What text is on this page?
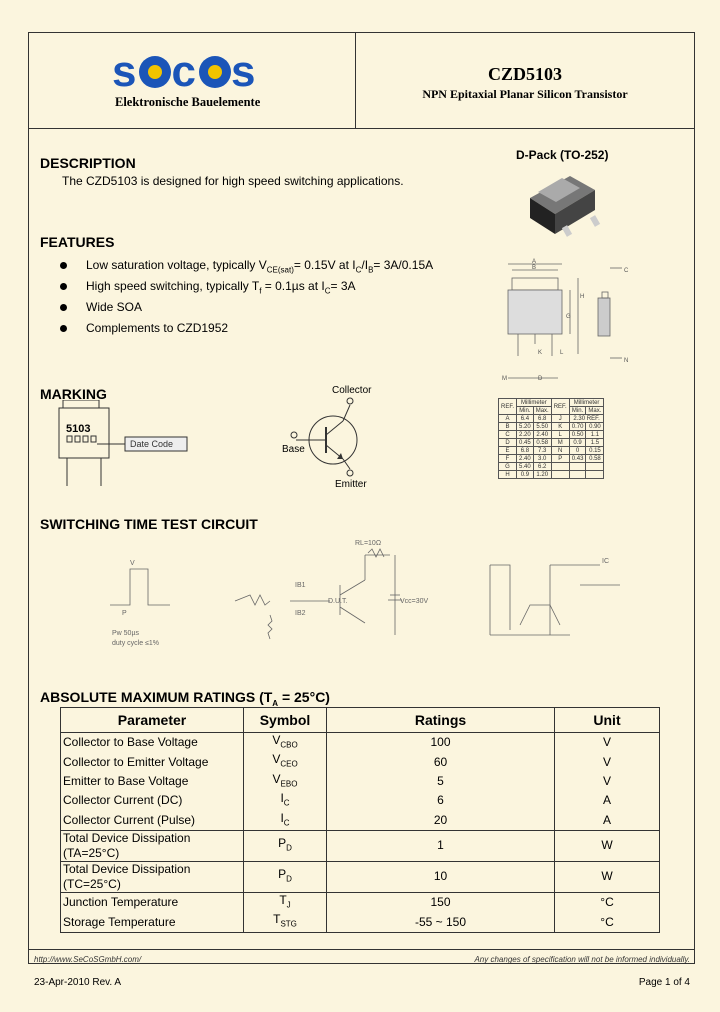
s c s
Elektronische Bauelemente
CZD5103
NPN Epitaxial Planar Silicon Transistor
DESCRIPTION
The CZD5103 is designed for high speed switching applications.
D-Pack (TO-252)
FEATURES
Low saturation voltage, typically $V_{CE(sat)}= 0.15V$ at $I_C/I_B= 3A/0.15A$
High speed switching, typically $T_f = 0.1\mu s$ at $I_C= 3A$
Wide SOA
Complements to CZD1952
A
B
G
H
K	L
C
N
M	D
REF.	Millimeter		REF.	Millimeter	
	Min.	Max.		Min.	Max.
A	6.4	6.8	J	2.30 REF.	
B	5.20	5.50	K	0.70	0.90
C	2.20	2.40	L	0.50	1.1
D	0.45	0.58	M	0.9	1.5
E	6.8	7.3	N	0	0.15
F	2.40	3.0	P	0.43	0.58
G	5.40	6.2			
H	0.9	1.20			
MARKING
5103
Date Code
Collector
Base
Emitter
SWITCHING TIME TEST CIRCUIT
V
P
Pw 50µs
duty cycle ≤1%
RL=10Ω
D.U.T.	Vcc=30V
IB1
IB2
IC
ABSOLUTE MAXIMUM RATINGS $(T_A = 25^\circ C)$
Parameter	Symbol	Ratings	Unit
Collector to Base Voltage	$V_{CBO}$	100	V
Collector to Emitter Voltage	$V_{CEO}$	60	V
Emitter to Base Voltage	$V_{EBO}$	5	V
Collector Current (DC)	$I_C$	6	A
Collector Current (Pulse)	$I_C$	20	A

Total Device Dissipation
(TA=25°C)	$P_D$	1	W

Total Device Dissipation
(TC=25°C)	$P_D$	10	W
Junction Temperature	$T_J$	150	°C
Storage Temperature	$T_{STG}$	-55 ~ 150	°C
http://www.SeCoSGmbH.com/	Any changes of specification will not be informed individually.
23-Apr-2010 Rev. A	Page 1 of 4
